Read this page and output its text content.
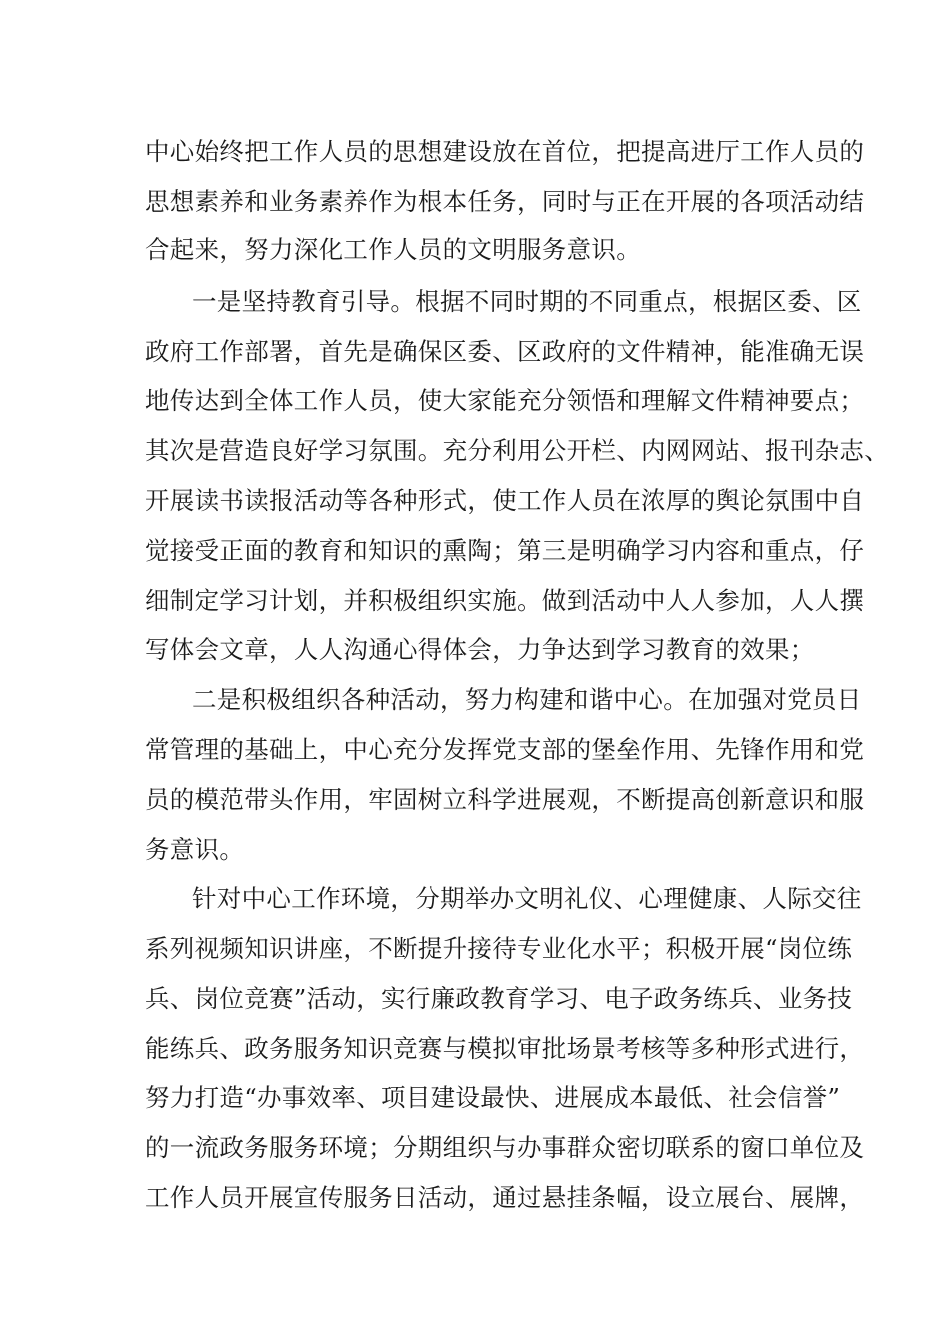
中心始终把工作人员的思想建设放在首位，把提高进厅工作人员的
思想素养和业务素养作为根本任务，同时与正在开展的各项活动结
合起来，努力深化工作人员的文明服务意识。
一是坚持教育引导。根据不同时期的不同重点，根据区委、区
政府工作部署，首先是确保区委、区政府的文件精神，能准确无误
地传达到全体工作人员，使大家能充分领悟和理解文件精神要点；
其次是营造良好学习氛围。充分利用公开栏、内网网站、报刊杂志、
开展读书读报活动等各种形式，使工作人员在浓厚的舆论氛围中自
觉接受正面的教育和知识的熏陶；第三是明确学习内容和重点，仔
细制定学习计划，并积极组织实施。做到活动中人人参加，人人撰
写体会文章，人人沟通心得体会，力争达到学习教育的效果；
二是积极组织各种活动，努力构建和谐中心。在加强对党员日
常管理的基础上，中心充分发挥党支部的堡垒作用、先锋作用和党
员的模范带头作用，牢固树立科学进展观，不断提高创新意识和服
务意识。
针对中心工作环境，分期举办文明礼仪、心理健康、人际交往
系列视频知识讲座，不断提升接待专业化水平；积极开展“岗位练
兵、岗位竞赛”活动，实行廉政教育学习、电子政务练兵、业务技
能练兵、政务服务知识竞赛与模拟审批场景考核等多种形式进行，
努力打造“办事效率、项目建设最快、进展成本最低、社会信誉”
的一流政务服务环境；分期组织与办事群众密切联系的窗口单位及
工作人员开展宣传服务日活动，通过悬挂条幅，设立展台、展牌，
